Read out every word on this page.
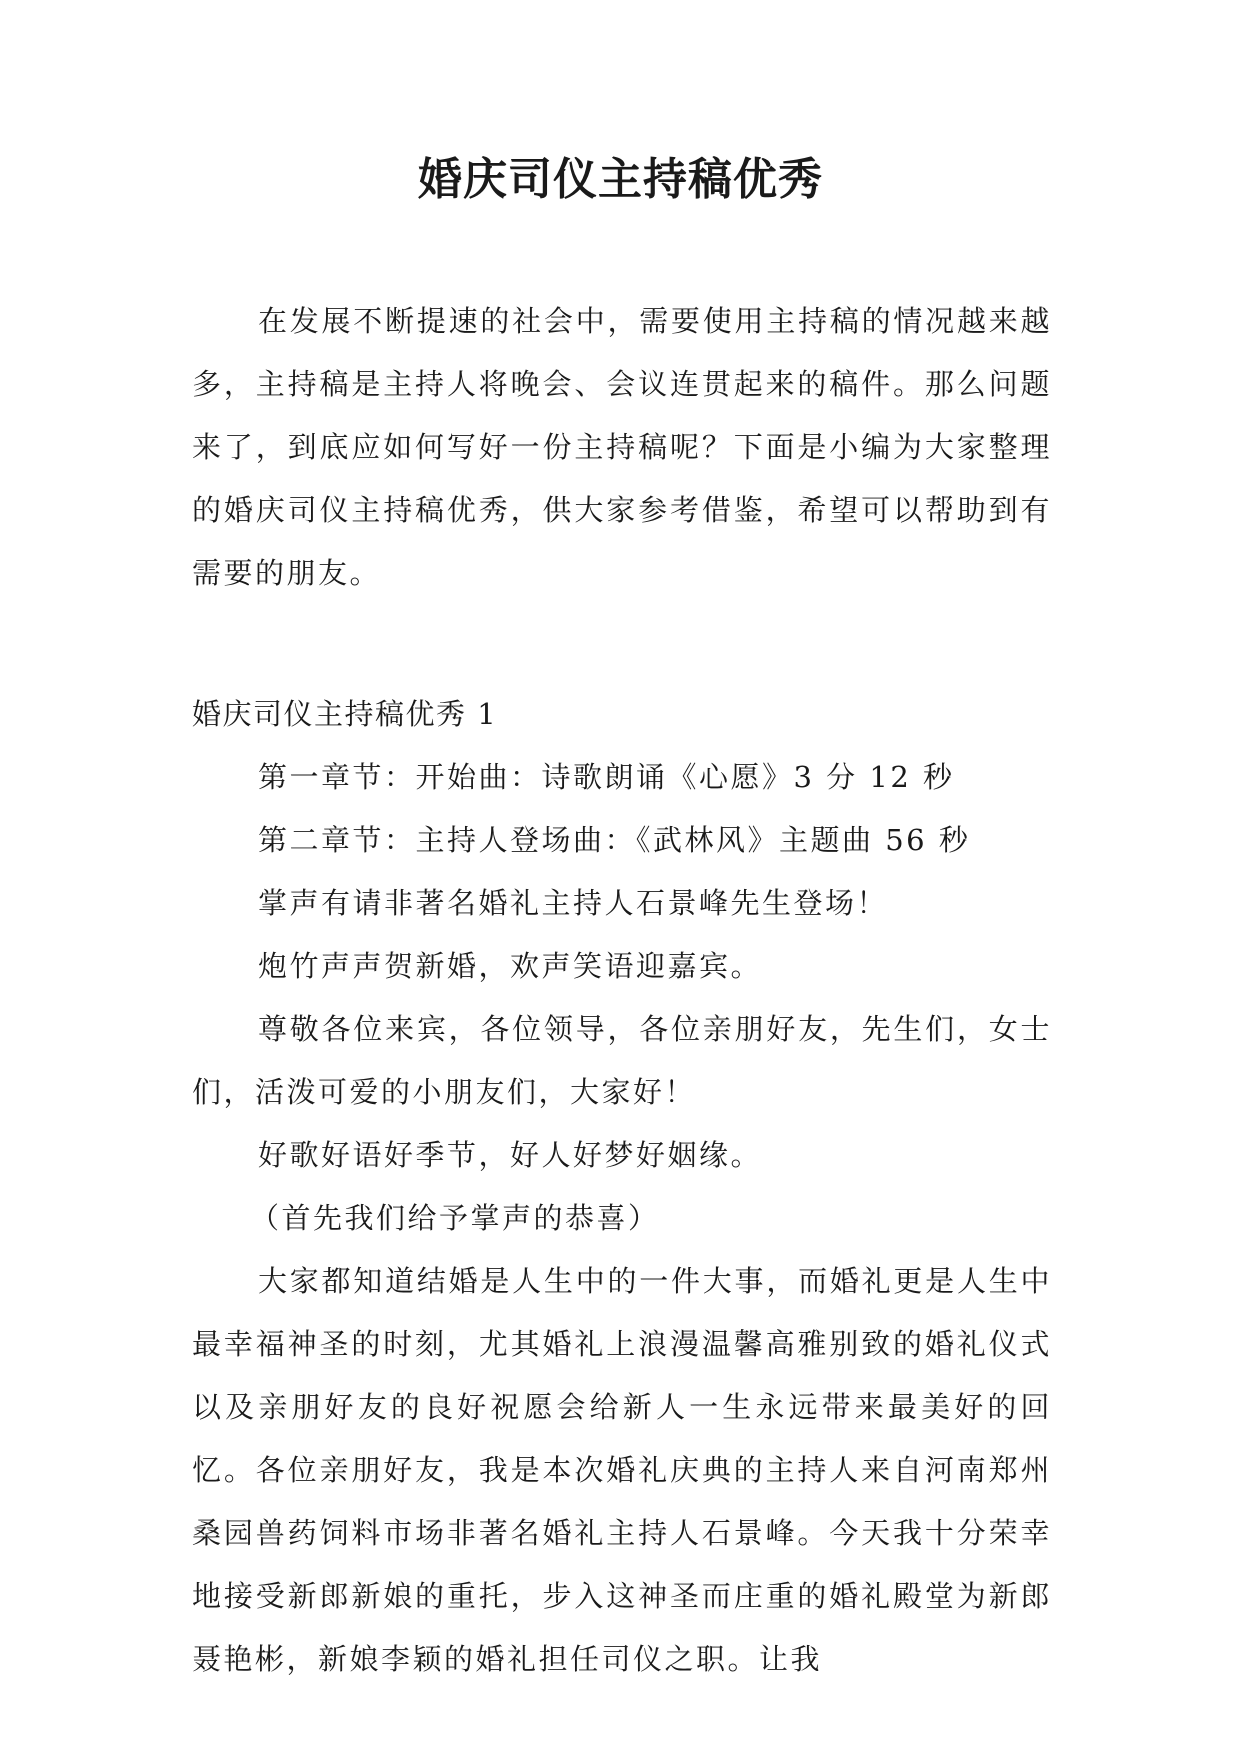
婚庆司仪主持稿优秀

在发展不断提速的社会中，需要使用主持稿的情况越来越多，主持稿是主持人将晚会、会议连贯起来的稿件。那么问题来了，到底应如何写好一份主持稿呢？下面是小编为大家整理的婚庆司仪主持稿优秀，供大家参考借鉴，希望可以帮助到有需要的朋友。

婚庆司仪主持稿优秀 1

第一章节：开始曲：诗歌朗诵《心愿》3 分 12 秒

第二章节：主持人登场曲：《武林风》主题曲 56 秒

掌声有请非著名婚礼主持人石景峰先生登场！

炮竹声声贺新婚，欢声笑语迎嘉宾。

尊敬各位来宾，各位领导，各位亲朋好友，先生们，女士们，活泼可爱的小朋友们，大家好！

好歌好语好季节，好人好梦好姻缘。

（首先我们给予掌声的恭喜）

大家都知道结婚是人生中的一件大事，而婚礼更是人生中最幸福神圣的时刻，尤其婚礼上浪漫温馨高雅别致的婚礼仪式以及亲朋好友的良好祝愿会给新人一生永远带来最美好的回忆。各位亲朋好友，我是本次婚礼庆典的主持人来自河南郑州桑园兽药饲料市场非著名婚礼主持人石景峰。今天我十分荣幸地接受新郎新娘的重托，步入这神圣而庄重的婚礼殿堂为新郎聂艳彬，新娘李颖的婚礼担任司仪之职。让我
